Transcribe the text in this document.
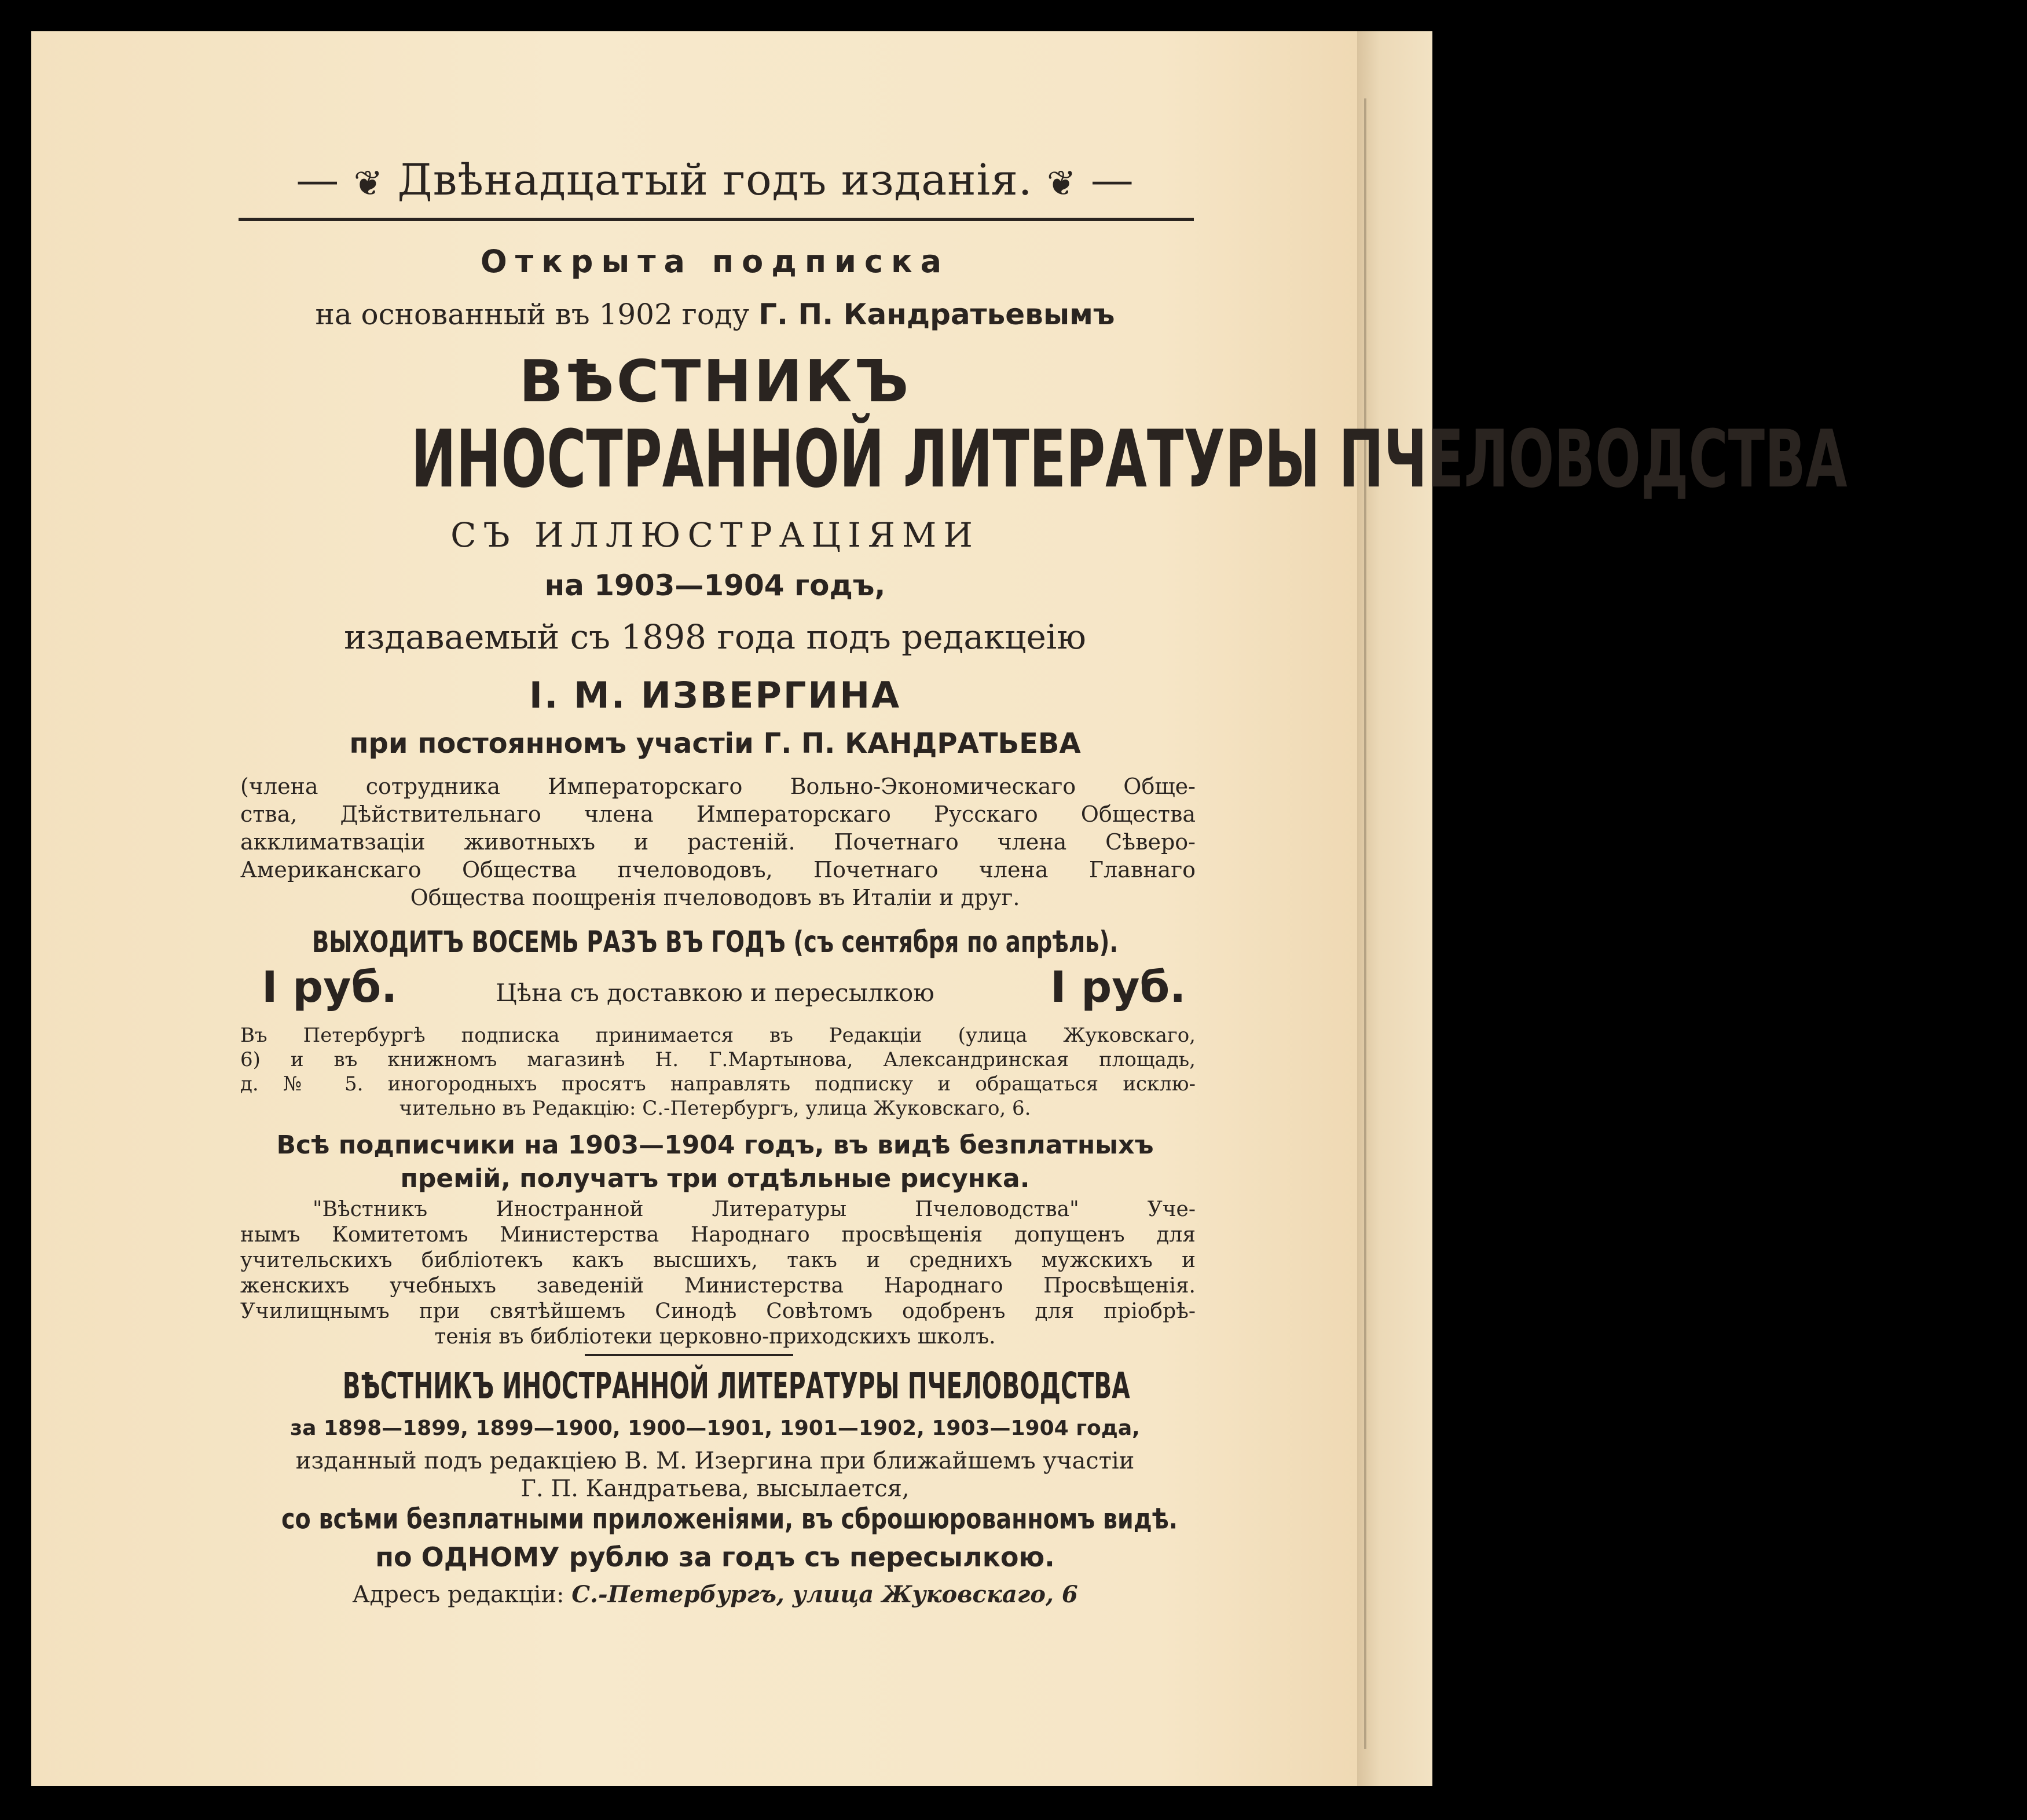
— ❦ Двѣнадцатый годъ изданія. ❦ —
Открыта подписка
на основанный въ 1902 году Г. П. Кандратьевымъ
ВѢСТНИКЪ
ИНОСТРАННОЙ ЛИТЕРАТУРЫ ПЧЕЛОВОДСТВА
СЪ ИЛЛЮСТРАЦІЯМИ
на 1903—1904 годъ,
издаваемый съ 1898 года подъ редакцеію
I. М. ИЗВЕРГИНА
при постоянномъ участіи Г. П. КАНДРАТЬЕВА
(члена сотрудника Императорскаго Вольно-Экономическаго Обще-
ства, Дѣйствительнаго члена Императорскаго Русскаго Общества
акклиматвзаціи животныхъ и растеній. Почетнаго члена Сѣверо-
Американскаго Общества пчеловодовъ, Почетнаго члена Главнаго
Общества поощренія пчеловодовъ въ Италіи и друг.
ВЫХОДИТЪ ВОСЕМЬ РАЗЪ ВЪ ГОДЪ (съ сентября по апрѣль).
I руб.	Цѣна съ доставкою и пересылкою	I руб.
Въ Петербургѣ подписка принимается въ Редакціи (улица Жуковскаго,
6) и въ книжномъ магазинѣ Н. Г.Мартынова, Александринская площадь,
д. № 5. иногородныхъ просятъ направлять подписку и обращаться исклю-
чительно въ Редакцію: С.-Петербургъ, улица Жуковскаго, 6.
Всѣ подписчики на 1903—1904 годъ, въ видѣ безплатныхъ
премій, получатъ три отдѣльные рисунка.
"Вѣстникъ Иностранной Литературы Пчеловодства" Уче-
нымъ Комитетомъ Министерства Народнаго просвѣщенія допущенъ для
учительскихъ библіотекъ какъ высшихъ, такъ и среднихъ мужскихъ и
женскихъ учебныхъ заведеній Министерства Народнаго Просвѣщенія.
Училищнымъ при святѣйшемъ Синодѣ Совѣтомъ одобренъ для пріобрѣ-
тенія въ библіотеки церковно-приходскихъ школъ.
ВѢСТНИКЪ ИНОСТРАННОЙ ЛИТЕРАТУРЫ ПЧЕЛОВОДСТВА
за 1898—1899, 1899—1900, 1900—1901, 1901—1902, 1903—1904 года,
изданный подъ редакціею В. М. Изергина при ближайшемъ участіи
Г. П. Кандратьева, высылается,
со всѣми безплатными приложеніями, въ сброшюрованномъ видѣ.
по ОДНОМУ рублю за годъ съ пересылкою.
Адресъ редакціи: С.-Петербургъ, улица Жуковскаго, 6
